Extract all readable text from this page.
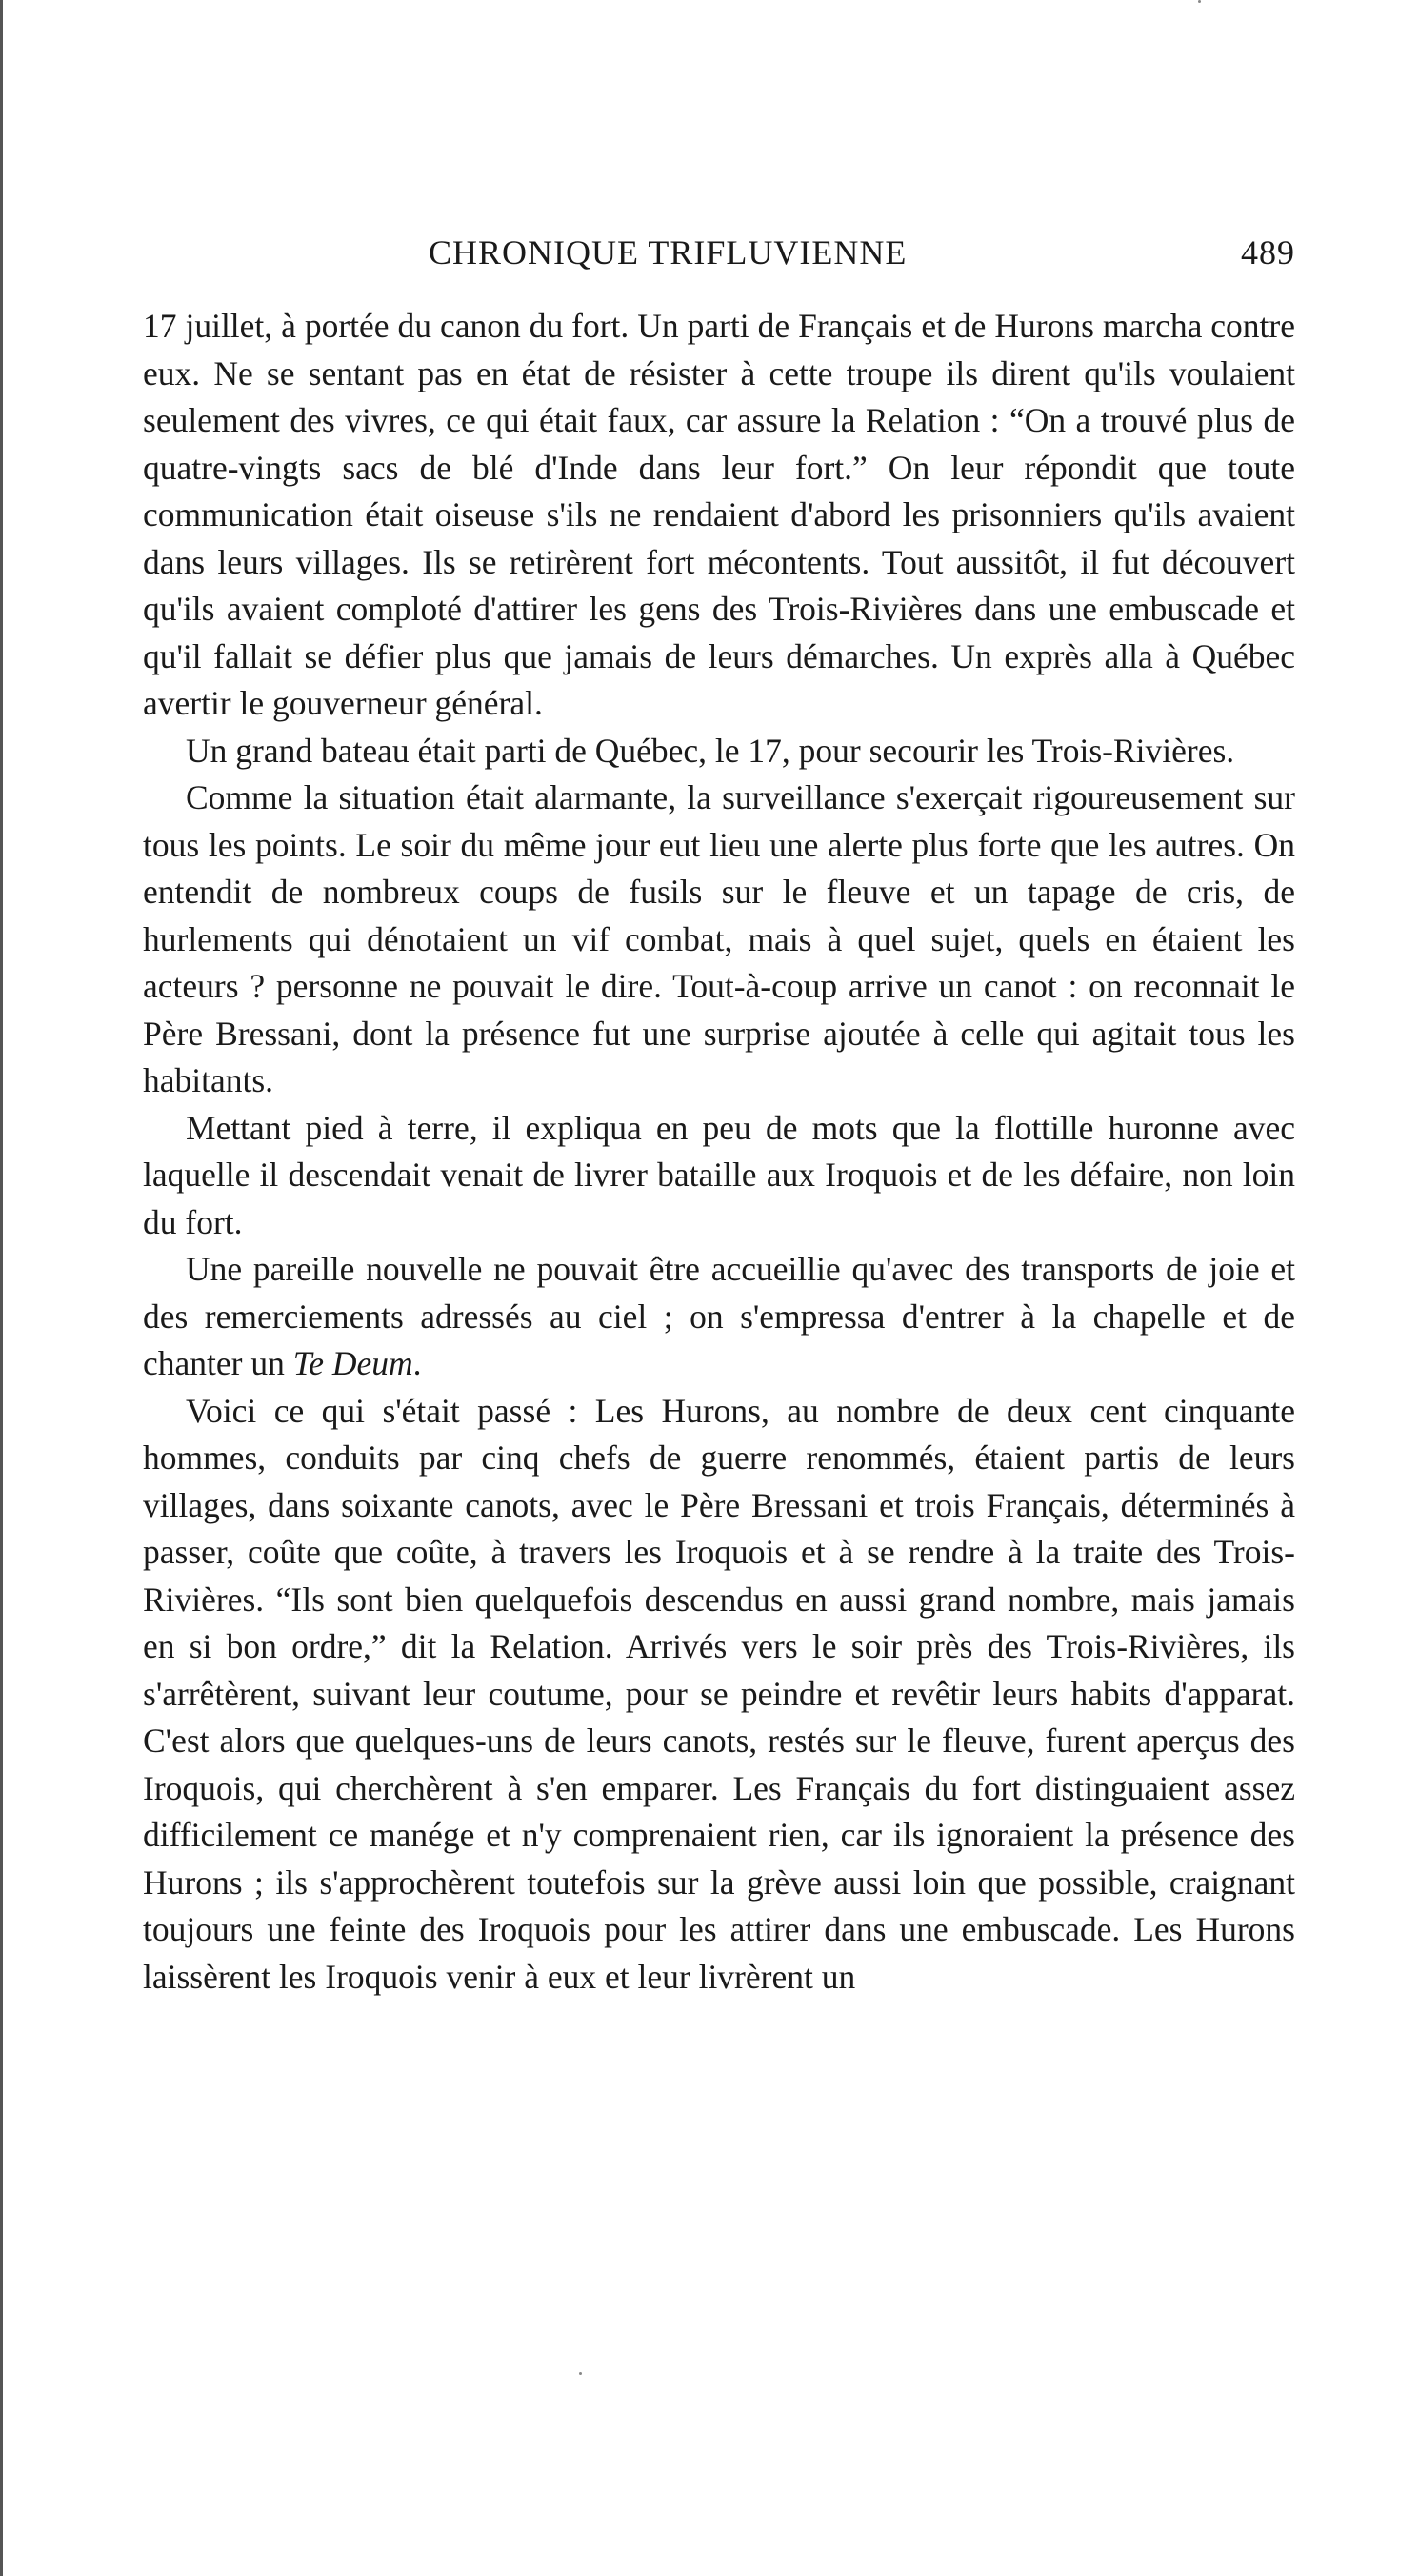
CHRONIQUE TRIFLUVIENNE	489

17 juillet, à portée du canon du fort. Un parti de Français et de Hurons marcha contre eux. Ne se sentant pas en état de résister à cette troupe ils dirent qu'ils voulaient seulement des vivres, ce qui était faux, car assure la Relation : “On a trouvé plus de quatre-vingts sacs de blé d'Inde dans leur fort.” On leur répondit que toute communication était oiseuse s'ils ne rendaient d'abord les prisonniers qu'ils avaient dans leurs villages. Ils se retirèrent fort mécontents. Tout aussitôt, il fut découvert qu'ils avaient comploté d'attirer les gens des Trois-Rivières dans une embuscade et qu'il fallait se défier plus que jamais de leurs démarches. Un exprès alla à Québec avertir le gouverneur général.

Un grand bateau était parti de Québec, le 17, pour secourir les Trois-Rivières.

Comme la situation était alarmante, la surveillance s'exerçait rigoureusement sur tous les points. Le soir du même jour eut lieu une alerte plus forte que les autres. On entendit de nombreux coups de fusils sur le fleuve et un tapage de cris, de hurlements qui dénotaient un vif combat, mais à quel sujet, quels en étaient les acteurs ? personne ne pouvait le dire. Tout-à-coup arrive un canot : on reconnait le Père Bressani, dont la présence fut une surprise ajoutée à celle qui agitait tous les habitants.

Mettant pied à terre, il expliqua en peu de mots que la flottille huronne avec laquelle il descendait venait de livrer bataille aux Iroquois et de les défaire, non loin du fort.

Une pareille nouvelle ne pouvait être accueillie qu'avec des transports de joie et des remerciements adressés au ciel ; on s'empressa d'entrer à la chapelle et de chanter un Te Deum.

Voici ce qui s'était passé : Les Hurons, au nombre de deux cent cinquante hommes, conduits par cinq chefs de guerre renommés, étaient partis de leurs villages, dans soixante canots, avec le Père Bressani et trois Français, déterminés à passer, coûte que coûte, à travers les Iroquois et à se rendre à la traite des Trois-Rivières. “Ils sont bien quelquefois descendus en aussi grand nombre, mais jamais en si bon ordre,” dit la Relation. Arrivés vers le soir près des Trois-Rivières, ils s'arrêtèrent, suivant leur coutume, pour se peindre et revêtir leurs habits d'apparat. C'est alors que quelques-uns de leurs canots, restés sur le fleuve, furent aperçus des Iroquois, qui cherchèrent à s'en emparer. Les Français du fort distinguaient assez difficilement ce manége et n'y comprenaient rien, car ils ignoraient la présence des Hurons ; ils s'approchèrent toutefois sur la grève aussi loin que possible, craignant toujours une feinte des Iroquois pour les attirer dans une embuscade. Les Hurons laissèrent les Iroquois venir à eux et leur livrèrent un
